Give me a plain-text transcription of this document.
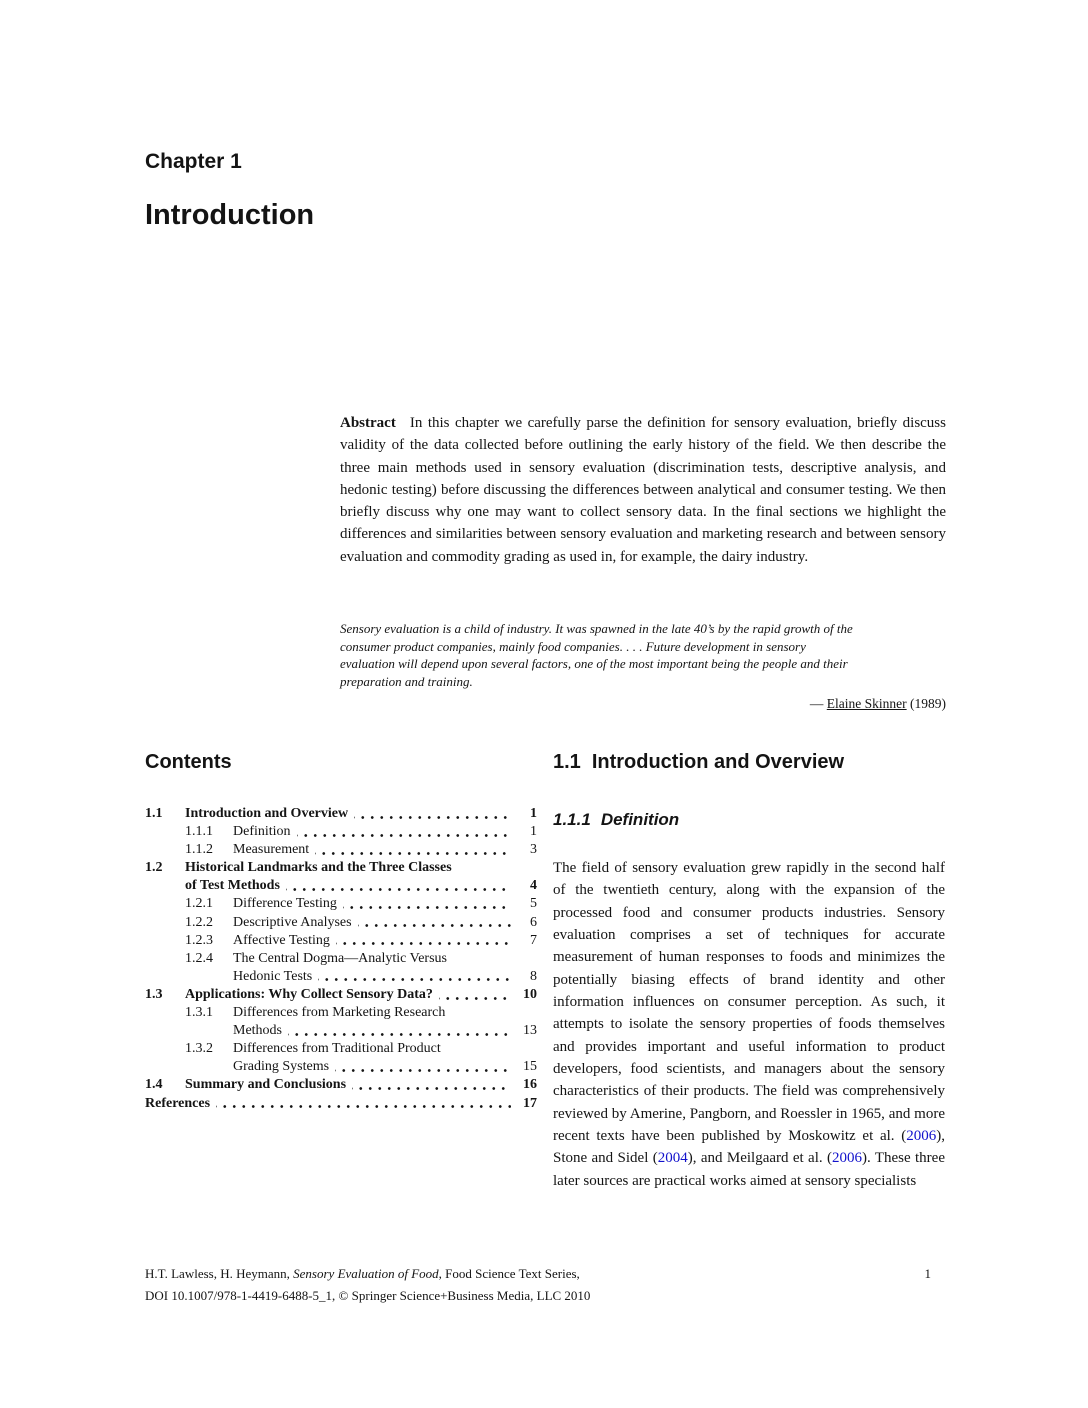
Chapter 1
Introduction

Abstract In this chapter we carefully parse the definition for sensory evaluation, briefly discuss validity of the data collected before outlining the early history of the field. We then describe the three main methods used in sensory evaluation (discrimination tests, descriptive analysis, and hedonic testing) before discussing the differences between analytical and consumer testing. We then briefly discuss why one may want to collect sensory data. In the final sections we highlight the differences and similarities between sensory evaluation and marketing research and between sensory evaluation and commodity grading as used in, for example, the dairy industry.

Sensory evaluation is a child of industry. It was spawned in the late 40’s by the rapid growth of the
consumer product companies, mainly food companies. . . . Future development in sensory
evaluation will depend upon several factors, one of the most important being the people and their
preparation and training.
— Elaine Skinner (1989)
Contents
1.1	Introduction and Overview	1
1.1.1	Definition	1
1.1.2	Measurement	3
1.2	Historical Landmarks and the Three Classes
of Test Methods	4
1.2.1	Difference Testing	5
1.2.2	Descriptive Analyses	6
1.2.3	Affective Testing	7
1.2.4	The Central Dogma—Analytic Versus
Hedonic Tests	8
1.3	Applications: Why Collect Sensory Data?	10
1.3.1	Differences from Marketing Research
Methods	13
1.3.2	Differences from Traditional Product
Grading Systems	15
1.4	Summary and Conclusions	16
References	17
1.1 Introduction and Overview
1.1.1 Definition

The field of sensory evaluation grew rapidly in the second half of the twentieth century, along with the expansion of the processed food and consumer products industries. Sensory evaluation comprises a set of techniques for accurate measurement of human responses to foods and minimizes the potentially biasing effects of brand identity and other information influences on consumer perception. As such, it attempts to isolate the sensory properties of foods themselves and provides important and useful information to product developers, food scientists, and managers about the sensory characteristics of their products. The field was comprehensively reviewed by Amerine, Pangborn, and Roessler in 1965, and more recent texts have been published by Moskowitz et al. (2006), Stone and Sidel (2004), and Meilgaard et al. (2006). These three later sources are practical works aimed at sensory specialists

H.T. Lawless, H. Heymann, Sensory Evaluation of Food, Food Science Text Series,
DOI 10.1007/978-1-4419-6488-5_1, © Springer Science+Business Media, LLC 2010
1
